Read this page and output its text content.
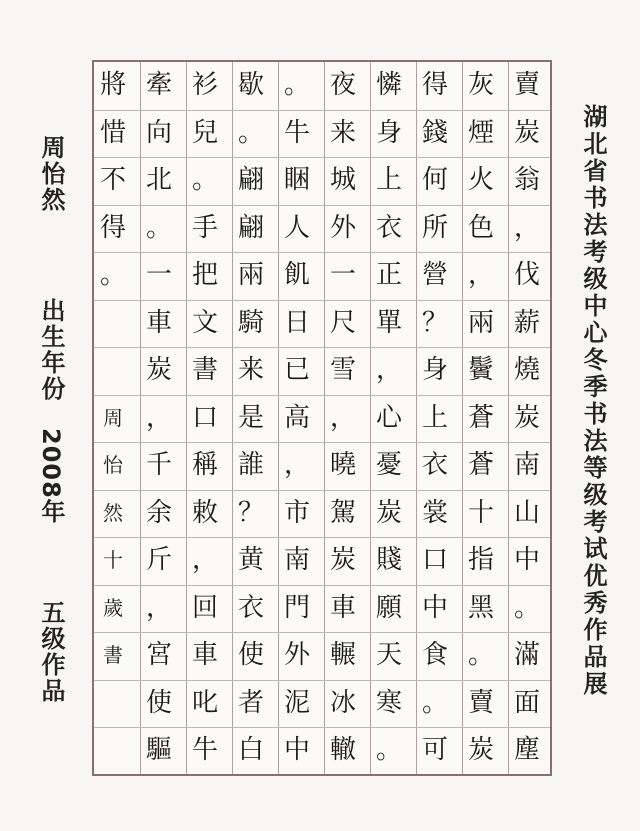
湖北省书法考级中心冬季书法等级考试优秀作品展
周怡然
出生年份
2008年
五级作品
賣
炭
翁
，
伐
薪
燒
炭
南
山
中
。
滿
面
塵
灰
煙
火
色
，
兩
鬢
蒼
蒼
十
指
黑
。
賣
炭
得
錢
何
所
營
？
身
上
衣
裳
口
中
食
。
可
憐
身
上
衣
正
單
，
心
憂
炭
賤
願
天
寒
。
夜
来
城
外
一
尺
雪
，
曉
駕
炭
車
輾
冰
轍
。
牛
睏
人
飢
日
已
高
，
市
南
門
外
泥
中
歇
。
翩
翩
兩
騎
来
是
誰
？
黄
衣
使
者
白
衫
兒
。
手
把
文
書
口
稱
敕
，
回
車
叱
牛
牽
向
北
。
一
車
炭
，
千
余
斤
，
宮
使
驅
將
惜
不
得
。
周
怡
然
十
歲
書
